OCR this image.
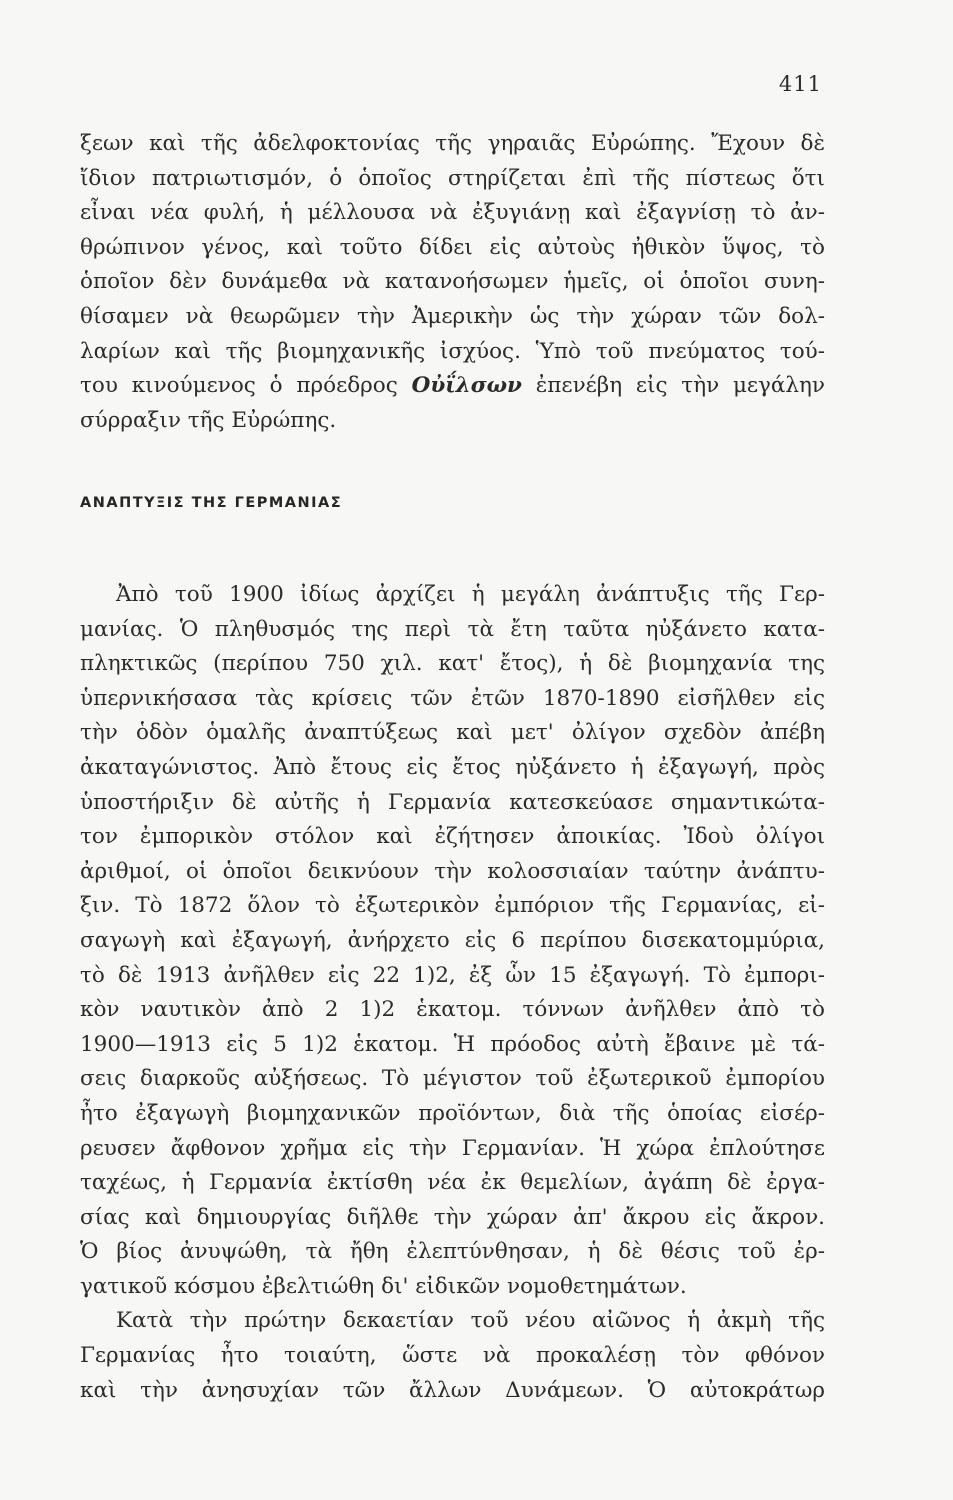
411
ξεων καὶ τῆς ἀδελφοκτονίας τῆς γηραιᾶς Εὐρώπης. Ἔχουν δὲ
ἴδιον πατριωτισμόν, ὁ ὁποῖος στηρίζεται ἐπὶ τῆς πίστεως ὅτι
εἶναι νέα φυλή, ἡ μέλλουσα νὰ ἐξυγιάνῃ καὶ ἐξαγνίσῃ τὸ ἀν-
θρώπινον γένος, καὶ τοῦτο δίδει εἰς αὐτοὺς ἠθικὸν ὕψος, τὸ
ὁποῖον δὲν δυνάμεθα νὰ κατανοήσωμεν ἡμεῖς, οἱ ὁποῖοι συνη-
θίσαμεν νὰ θεωρῶμεν τὴν Ἀμερικὴν ὡς τὴν χώραν τῶν δολ-
λαρίων καὶ τῆς βιομηχανικῆς ἰσχύος. Ὑπὸ τοῦ πνεύματος τού-
του κινούμενος ὁ πρόεδρος Οὐΐλσων ἐπενέβη εἰς τὴν μεγάλην
σύρραξιν τῆς Εὐρώπης.
ΑΝΑΠΤΥΞΙΣ ΤΗΣ ΓΕΡΜΑΝΙΑΣ
Ἀπὸ τοῦ 1900 ἰδίως ἀρχίζει ἡ μεγάλη ἀνάπτυξις τῆς Γερ-
μανίας. Ὁ πληθυσμός της περὶ τὰ ἔτη ταῦτα ηὐξάνετο κατα-
πληκτικῶς (περίπου 750 χιλ. κατ' ἔτος), ἡ δὲ βιομηχανία της
ὑπερνικήσασα τὰς κρίσεις τῶν ἐτῶν 1870-1890 εἰσῆλθεν εἰς
τὴν ὁδὸν ὁμαλῆς ἀναπτύξεως καὶ μετ' ὀλίγον σχεδὸν ἀπέβη
ἀκαταγώνιστος. Ἀπὸ ἔτους εἰς ἔτος ηὐξάνετο ἡ ἐξαγωγή, πρὸς
ὑποστήριξιν δὲ αὐτῆς ἡ Γερμανία κατεσκεύασε σημαντικώτα-
τον ἐμπορικὸν στόλον καὶ ἐζήτησεν ἀποικίας. Ἰδοὺ ὀλίγοι
ἀριθμοί, οἱ ὁποῖοι δεικνύουν τὴν κολοσσιαίαν ταύτην ἀνάπτυ-
ξιν. Τὸ 1872 ὅλον τὸ ἐξωτερικὸν ἐμπόριον τῆς Γερμανίας, εἰ-
σαγωγὴ καὶ ἐξαγωγή, ἀνήρχετο εἰς 6 περίπου δισεκατομμύρια,
τὸ δὲ 1913 ἀνῆλθεν εἰς 22 1)2, ἐξ ὧν 15 ἐξαγωγή. Τὸ ἐμπορι-
κὸν ναυτικὸν ἀπὸ 2 1)2 ἑκατομ. τόννων ἀνῆλθεν ἀπὸ τὸ
1900—1913 εἰς 5 1)2 ἑκατομ. Ἡ πρόοδος αὐτὴ ἔβαινε μὲ τά-
σεις διαρκοῦς αὐξήσεως. Τὸ μέγιστον τοῦ ἐξωτερικοῦ ἐμπορίου
ἦτο ἐξαγωγὴ βιομηχανικῶν προϊόντων, διὰ τῆς ὁποίας εἰσέρ-
ρευσεν ἄφθονον χρῆμα εἰς τὴν Γερμανίαν. Ἡ χώρα ἐπλούτησε
ταχέως, ἡ Γερμανία ἐκτίσθη νέα ἐκ θεμελίων, ἀγάπη δὲ ἐργα-
σίας καὶ δημιουργίας διῆλθε τὴν χώραν ἀπ' ἄκρου εἰς ἄκρον.
Ὁ βίος ἀνυψώθη, τὰ ἤθη ἐλεπτύνθησαν, ἡ δὲ θέσις τοῦ ἐρ-
γατικοῦ κόσμου ἐβελτιώθη δι' εἰδικῶν νομοθετημάτων.
Κατὰ τὴν πρώτην δεκαετίαν τοῦ νέου αἰῶνος ἡ ἀκμὴ τῆς
Γερμανίας ἦτο τοιαύτη, ὥστε νὰ προκαλέσῃ τὸν φθόνον
καὶ τὴν ἀνησυχίαν τῶν ἄλλων Δυνάμεων. Ὁ αὐτοκράτωρ
